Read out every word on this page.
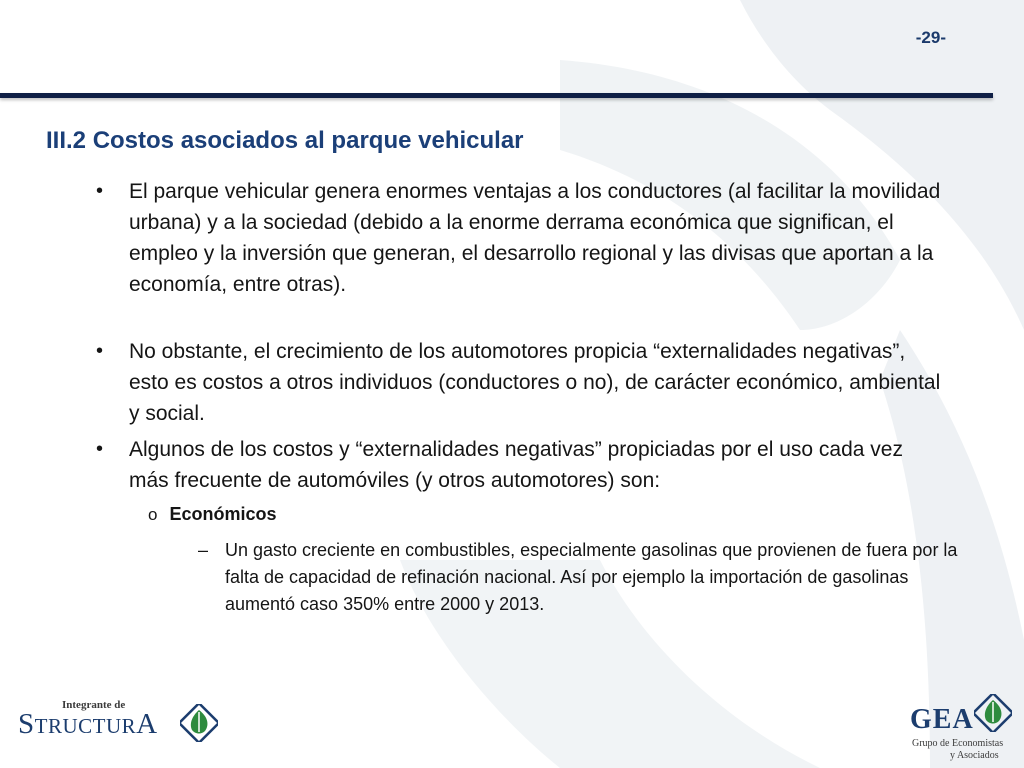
-29-
III.2 Costos asociados al parque vehicular
• El parque vehicular genera enormes ventajas a los conductores (al facilitar la movilidad urbana) y a la sociedad (debido a la enorme derrama económica que significan, el empleo y la inversión que generan, el desarrollo regional y las divisas que aportan a la economía, entre otras).
• No obstante, el crecimiento de los automotores propicia “externalidades negativas”, esto es costos a otros individuos (conductores o no), de carácter económico, ambiental y social.
• Algunos de los costos y “externalidades negativas” propiciadas por el uso cada vez más frecuente de automóviles (y otros automotores) son:
o Económicos
– Un gasto creciente en combustibles, especialmente gasolinas que provienen de fuera por la falta de capacidad de refinación nacional. Así por ejemplo la importación de gasolinas aumentó caso 350% entre 2000 y 2013.
Integrante de
STRUCTURA	GEA
Grupo de Economistas
y Asociados
